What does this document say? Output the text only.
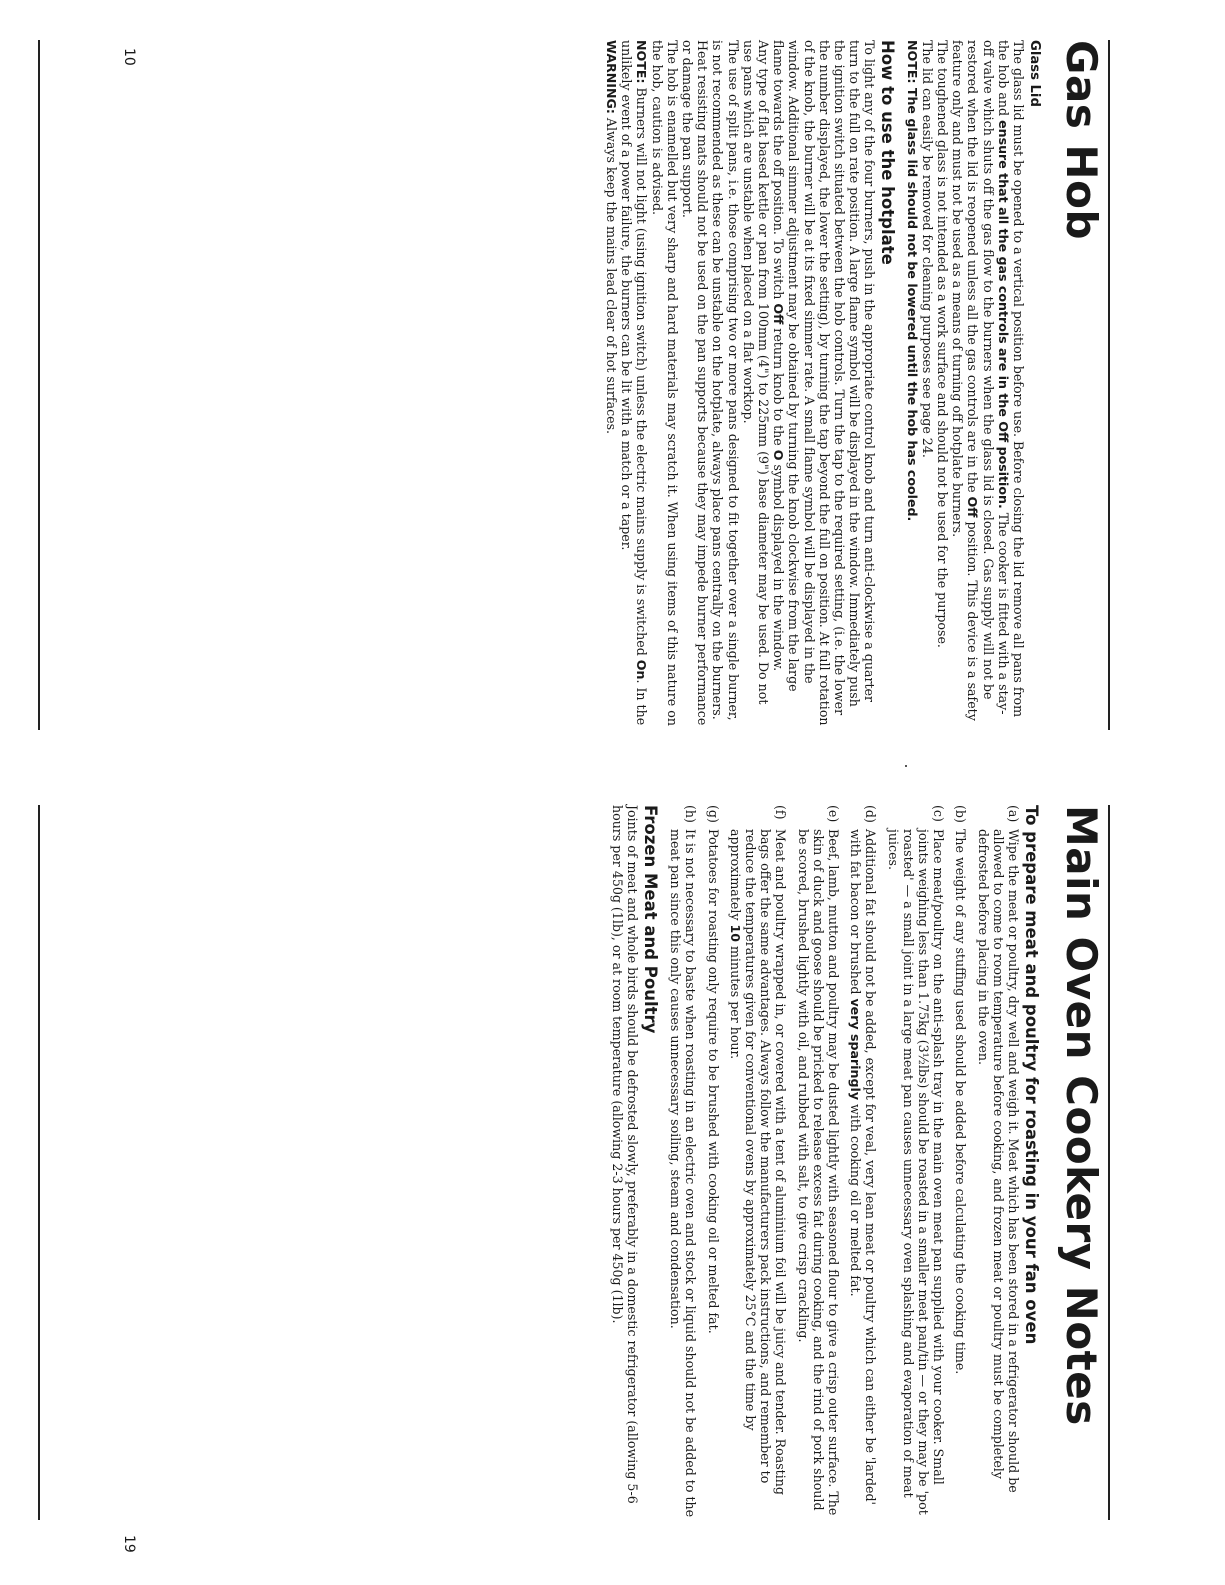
Gas Hob
Glass Lid

The glass lid must be opened to a vertical position before use. Before closing the lid remove all pans from the hob and ensure that all the gas controls are in the Off position. The cooker is fitted with a stay-off valve which shuts off the gas flow to the burners when the glass lid is closed. Gas supply will not be restored when the lid is reopened unless all the gas controls are in the Off position. This device is a safety feature only and must not be used as a means of turning off hotplate burners.

The toughened glass is not intended as a work surface and should not be used for the purpose.

The lid can easily be removed for cleaning purposes see page 24.

NOTE: The glass lid should not be lowered until the hob has cooled.

How to use the hotplate

To light any of the four burners, push in the appropriate control knob and turn anti-clockwise a quarter turn to the full on rate position. A large flame symbol will be displayed in the window. Immediately push the ignition switch situated between the hob controls. Turn the tap to the required setting, (i.e. the lower the number displayed, the lower the setting), by turning the tap beyond the full on position. At full rotation of the knob, the burner will be at its fixed simmer rate. A small flame symbol will be displayed in the window. Additional simmer adjustment may be obtained by turning the knob clockwise from the large flame towards the off position. To switch Off return knob to the O symbol displayed in the window.

Any type of flat based kettle or pan from 100mm (4") to 225mm (9") base diameter may be used. Do not use pans which are unstable when placed on a flat worktop.

The use of split pans, i.e. those comprising two or more pans designed to fit together over a single burner, is not recommended as these can be unstable on the hotplate, always place pans centrally on the burners.

Heat resisting mats should not be used on the pan supports because they may impede burner performance or damage the pan support.

The hob is enamelled but very sharp and hard materials may scratch it. When using items of this nature on the hob, caution is advised.

NOTE: Burners will not light (using ignition switch) unless the electric mains supply is switched On. In the unlikely event of a power failure, the burners can be lit with a match or a taper.

WARNING: Always keep the mains lead clear of hot surfaces.

10
Main Oven Cookery Notes
To prepare meat and poultry for roasting in your fan oven
(a)
Wipe the meat or poultry, dry well and weigh it. Meat which has been stored in a refrigerator should be allowed to come to room temperature before cooking, and frozen meat or poultry must be completely defrosted before placing in the oven.
(b)
The weight of any stuffing used should be added before calculating the cooking time.
(c)
Place meat/poultry on the anti-splash tray in the main oven meat pan supplied with your cooker. Small joints weighing less than 1.75kg (3½lbs) should be roasted in a smaller meat pan/tin — or they may be 'pot roasted' — a small joint in a large meat pan causes unnecessary oven splashing and evaporation of meat juices.
(d)
Additional fat should not be added, except for veal, very lean meat or poultry which can either be 'larded' with fat bacon or brushed very sparingly with cooking oil or melted fat.
(e)
Beef, lamb, mutton and poultry may be dusted lightly with seasoned flour to give a crisp outer surface. The skin of duck and goose should be pricked to release excess fat during cooking, and the rind of pork should be scored, brushed lightly with oil, and rubbed with salt, to give crisp crackling.
(f)
Meat and poultry wrapped in, or covered with a tent of aluminium foil will be juicy and tender. Roasting bags offer the same advantages. Always follow the manufacturers pack instructions, and remember to reduce the temperatures given for conventional ovens by approximately 25°C and the time by approximately 10 minutes per hour.
(g)
Potatoes for roasting only require to be brushed with cooking oil or melted fat.
(h)
It is not necessary to baste when roasting in an electric oven and stock or liquid should not be added to the meat pan since this only causes unnecessary soiling, steam and condensation.
Frozen Meat and Poultry

Joints of meat and whole birds should be defrosted slowly, preferably in a domestic refrigerator (allowing 5-6 hours per 450g (1lb), or at room temperature (allowing 2-3 hours per 450g (1lb).

19
